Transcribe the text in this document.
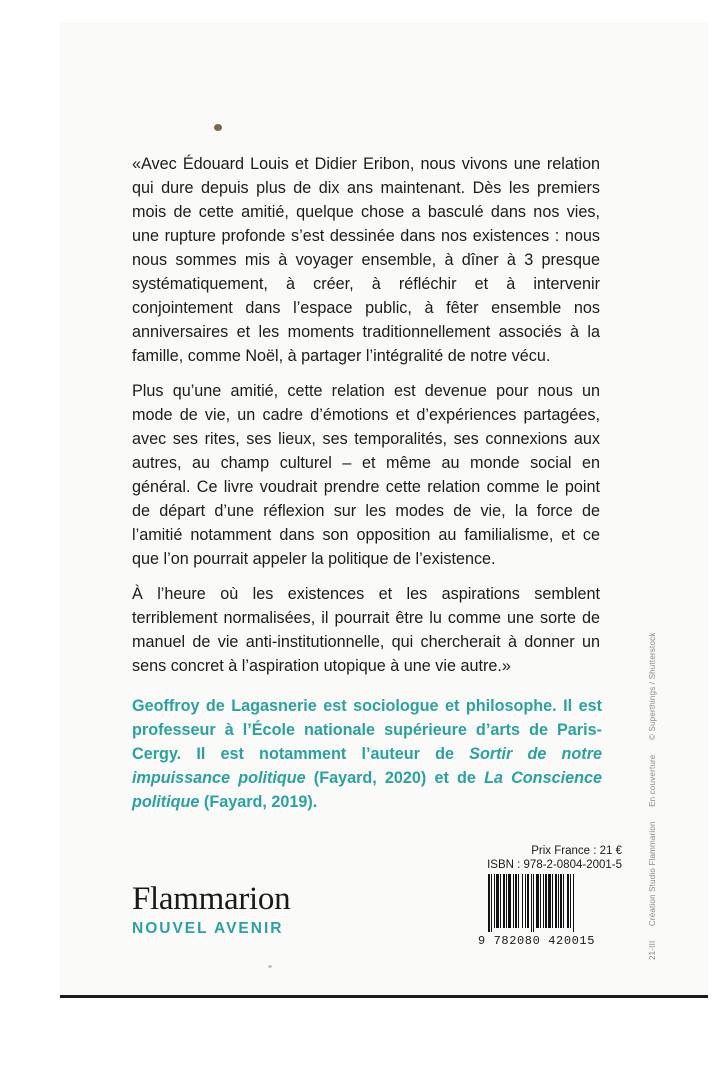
«Avec Édouard Louis et Didier Eribon, nous vivons une relation qui dure depuis plus de dix ans maintenant. Dès les premiers mois de cette amitié, quelque chose a basculé dans nos vies, une rupture profonde s’est dessinée dans nos existences : nous nous sommes mis à voyager ensemble, à dîner à 3 presque systématiquement, à créer, à réfléchir et à intervenir conjointement dans l’espace public, à fêter ensemble nos anniversaires et les moments traditionnellement associés à la famille, comme Noël, à partager l’intégralité de notre vécu.

Plus qu’une amitié, cette relation est devenue pour nous un mode de vie, un cadre d’émotions et d’expériences partagées, avec ses rites, ses lieux, ses temporalités, ses connexions aux autres, au champ culturel – et même au monde social en général. Ce livre voudrait prendre cette relation comme le point de départ d’une réflexion sur les modes de vie, la force de l’amitié notamment dans son opposition au familialisme, et ce que l’on pourrait appeler la politique de l’existence.

À l’heure où les existences et les aspirations semblent terriblement normalisées, il pourrait être lu comme une sorte de manuel de vie anti-institutionnelle, qui chercherait à donner un sens concret à l’aspiration utopique à une vie autre.»

Geoffroy de Lagasnerie est sociologue et philosophe. Il est professeur à l’École nationale supérieure d’arts de Paris-Cergy. Il est notamment l’auteur de Sortir de notre impuissance politique (Fayard, 2020) et de La Conscience politique (Fayard, 2019).

Flammarion
NOUVEL AVENIR
Prix France : 21 €
ISBN : 978-2-0804-2001-5
9 782080 420015	21-III Création Studio Flammarion En couverture © Superthings / Shutterstock
